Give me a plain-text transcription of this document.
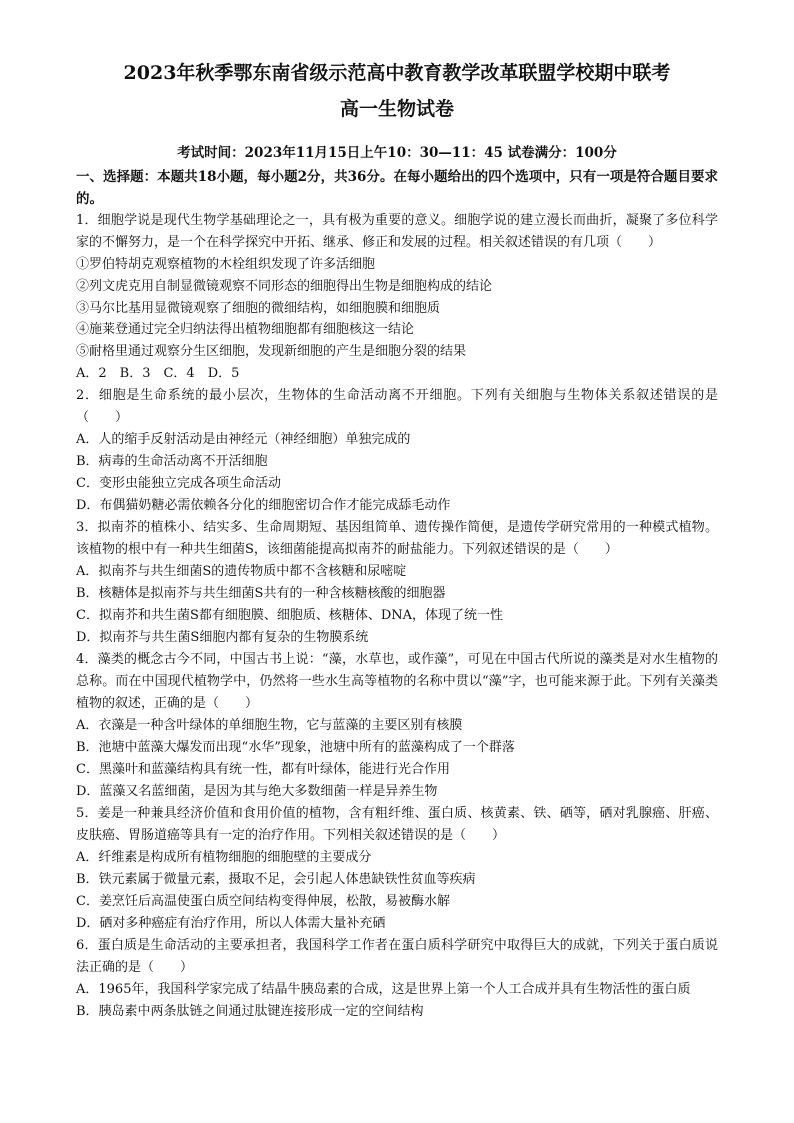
2023年秋季鄂东南省级示范高中教育教学改革联盟学校期中联考
高一生物试卷

考试时间：2023年11月15日上午10：30—11：45 试卷满分：100分

一、选择题：本题共18小题，每小题2分，共36分。在每小题给出的四个选项中，只有一项是符合题目要求的。

1．细胞学说是现代生物学基础理论之一，具有极为重要的意义。细胞学说的建立漫长而曲折，凝聚了多位科学家的不懈努力，是一个在科学探究中开拓、继承、修正和发展的过程。相关叙述错误的有几项（　　）

①罗伯特胡克观察植物的木栓组织发现了许多活细胞

②列文虎克用自制显微镜观察不同形态的细胞得出生物是细胞构成的结论

③马尔比基用显微镜观察了细胞的微细结构，如细胞膜和细胞质

④施莱登通过完全归纳法得出植物细胞都有细胞核这一结论

⑤耐格里通过观察分生区细胞，发现新细胞的产生是细胞分裂的结果

A．2　B．3　C．4　D．5

2．细胞是生命系统的最小层次，生物体的生命活动离不开细胞。下列有关细胞与生物体关系叙述错误的是（　　）

A．人的缩手反射活动是由神经元（神经细胞）单独完成的

B．病毒的生命活动离不开活细胞

C．变形虫能独立完成各项生命活动

D．布偶猫奶糖必需依赖各分化的细胞密切合作才能完成舔毛动作

3．拟南芥的植株小、结实多、生命周期短、基因组简单、遗传操作简便，是遗传学研究常用的一种模式植物。该植物的根中有一种共生细菌S，该细菌能提高拟南芥的耐盐能力。下列叙述错误的是（　　）

A．拟南芥与共生细菌S的遗传物质中都不含核糖和尿嘧啶

B．核糖体是拟南芥与共生细菌S共有的一种含核糖核酸的细胞器

C．拟南芥和共生菌S都有细胞膜、细胞质、核糖体、DNA，体现了统一性

D．拟南芥与共生菌S细胞内都有复杂的生物膜系统

4．藻类的概念古今不同，中国古书上说：“藻，水草也，或作藻”，可见在中国古代所说的藻类是对水生植物的总称。而在中国现代植物学中，仍然将一些水生高等植物的名称中贯以“藻”字，也可能来源于此。下列有关藻类植物的叙述，正确的是（　　）

A．衣藻是一种含叶绿体的单细胞生物，它与蓝藻的主要区别有核膜

B．池塘中蓝藻大爆发而出现“水华”现象，池塘中所有的蓝藻构成了一个群落

C．黑藻叶和蓝藻结构具有统一性，都有叶绿体，能进行光合作用

D．蓝藻又名蓝细菌，是因为其与绝大多数细菌一样是异养生物

5．姜是一种兼具经济价值和食用价值的植物，含有粗纤维、蛋白质、核黄素、铁、硒等，硒对乳腺癌、肝癌、皮肤癌、胃肠道癌等具有一定的治疗作用。下列相关叙述错误的是（　　）

A．纤维素是构成所有植物细胞的细胞壁的主要成分

B．铁元素属于微量元素，摄取不足，会引起人体患缺铁性贫血等疾病

C．姜烹饪后高温使蛋白质空间结构变得伸展，松散，易被酶水解

D．硒对多种癌症有治疗作用，所以人体需大量补充硒

6．蛋白质是生命活动的主要承担者，我国科学工作者在蛋白质科学研究中取得巨大的成就，下列关于蛋白质说法正确的是（　　）

A．1965年，我国科学家完成了结晶牛胰岛素的合成，这是世界上第一个人工合成并具有生物活性的蛋白质

B．胰岛素中两条肽链之间通过肽键连接形成一定的空间结构
